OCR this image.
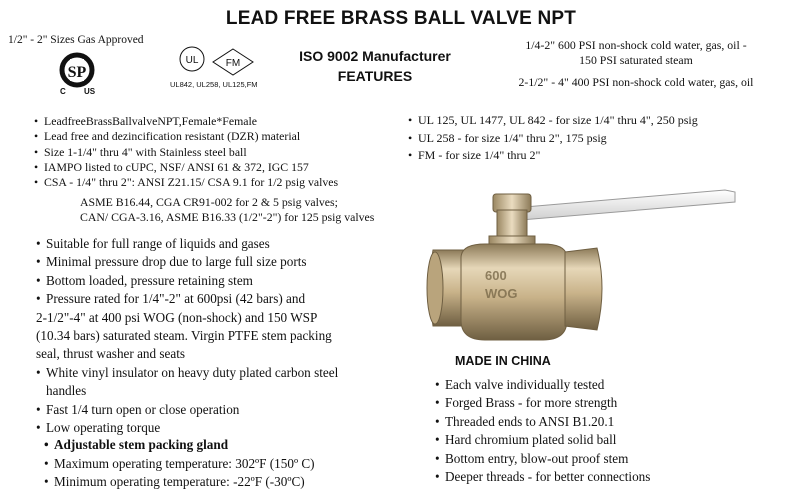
LEAD FREE BRASS BALL VALVE NPT
1/2" - 2" Sizes Gas Approved
SP
C US
UL	FM
UL842, UL258, UL125,FM
ISO 9002 Manufacturer
FEATURES
1/4-2" 600 PSI non-shock cold water, gas, oil -
150 PSI saturated steam
2-1/2" - 4" 400 PSI non-shock cold water, gas, oil
• LeadfreeBrassBallvalveNPT,Female*Female
• Lead free and dezincification resistant (DZR) material
• Size 1-1/4" thru 4" with Stainless steel ball
• IAMPO listed to cUPC, NSF/ ANSI 61 & 372, IGC 157
• CSA - 1/4" thru 2": ANSI Z21.15/ CSA 9.1 for 1/2 psig valves
ASME B16.44, CGA CR91-002 for 2 & 5 psig valves;
CAN/ CGA-3.16, ASME B16.33 (1/2"-2") for 125 psig valves
• Suitable for full range of liquids and gases
• Minimal pressure drop due to large full size ports
• Bottom loaded, pressure retaining stem
• Pressure rated for 1/4"-2" at 600psi (42 bars) and
2-1/2"-4" at 400 psi WOG (non-shock) and 150 WSP
(10.34 bars) saturated steam. Virgin PTFE stem packing
seal, thrust washer and seats
• White vinyl insulator on heavy duty plated carbon steel
handles
• Fast 1/4 turn open or close operation
• Low operating torque
• Adjustable stem packing gland
• Maximum operating temperature: 302ºF (150º C)
• Minimum operating temperature: -22ºF (-30ºC)
• UL 125, UL 1477, UL 842 - for size 1/4" thru 4", 250 psig
• UL 258 - for size 1/4" thru 2", 175 psig
• FM - for size 1/4" thru 2"
600
WOG
MADE IN CHINA
• Each valve individually tested
• Forged Brass - for more strength
• Threaded ends to ANSI B1.20.1
• Hard chromium plated solid ball
• Bottom entry, blow-out proof stem
• Deeper threads - for better connections
